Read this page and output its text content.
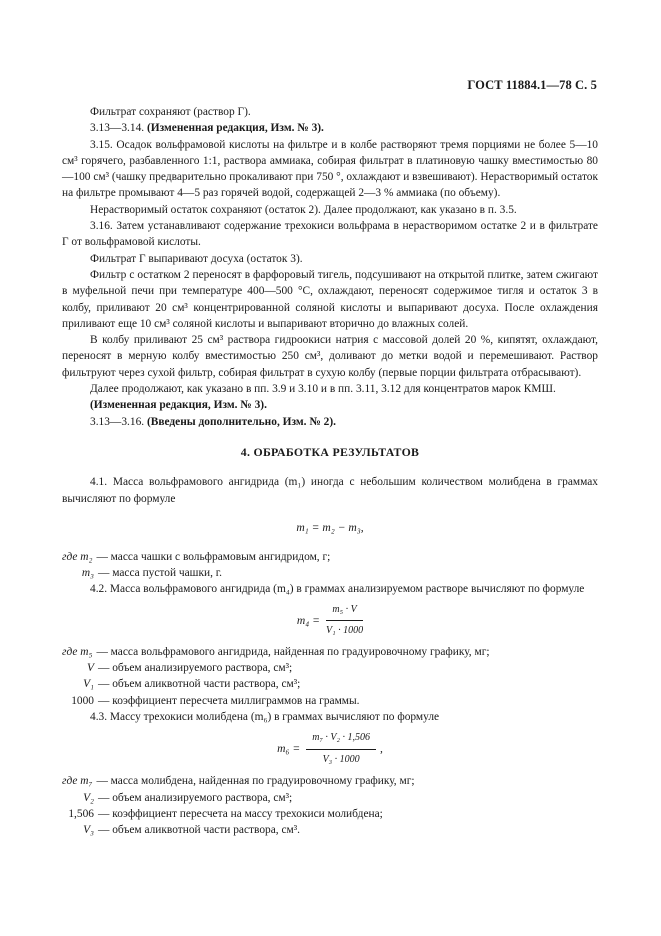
ГОСТ 11884.1—78 С. 5

Фильтрат сохраняют (раствор Г).

3.13—3.14. (Измененная редакция, Изм. № 3).

3.15. Осадок вольфрамовой кислоты на фильтре и в колбе растворяют тремя порциями не более 5—10 см³ горячего, разбавленного 1:1, раствора аммиака, собирая фильтрат в платиновую чашку вместимостью 80—100 см³ (чашку предварительно прокаливают при 750 °, охлаждают и взвешивают). Нерастворимый остаток на фильтре промывают 4—5 раз горячей водой, содержащей 2—3 % аммиака (по объему).

Нерастворимый остаток сохраняют (остаток 2). Далее продолжают, как указано в п. 3.5.

3.16. Затем устанавливают содержание трехокиси вольфрама в нерастворимом остатке 2 и в фильтрате Г от вольфрамовой кислоты.

Фильтрат Г выпаривают досуха (остаток 3).

Фильтр с остатком 2 переносят в фарфоровый тигель, подсушивают на открытой плитке, затем сжигают в муфельной печи при температуре 400—500 °С, охлаждают, переносят содержимое тигля и остаток 3 в колбу, приливают 20 см³ концентрированной соляной кислоты и выпаривают досуха. После охлаждения приливают еще 10 см³ соляной кислоты и выпаривают вторично до влажных солей.

В колбу приливают 25 см³ раствора гидроокиси натрия с массовой долей 20 %, кипятят, охлаждают, переносят в мерную колбу вместимостью 250 см³, доливают до метки водой и перемешивают. Раствор фильтруют через сухой фильтр, собирая фильтрат в сухую колбу (первые порции фильтрата отбрасывают).

Далее продолжают, как указано в пп. 3.9 и 3.10 и в пп. 3.11, 3.12 для концентратов марок КМШ.

(Измененная редакция, Изм. № 3).

3.13—3.16. (Введены дополнительно, Изм. № 2).

4. ОБРАБОТКА РЕЗУЛЬТАТОВ

4.1. Масса вольфрамового ангидрида (m₁) иногда с небольшим количеством молибдена в граммах вычисляют по формуле

m₁ = m₂ − m₃,
где m₂ — масса чашки с вольфрамовым ангидридом, г;
m₃ — масса пустой чашки, г.

4.2. Масса вольфрамового ангидрида (m₄) в граммах анализируемом растворе вычисляют по формуле

$m_4 = \frac{\text{m₅ · V}}{\text{V₁ · 1000}}$
где m₅ — масса вольфрамового ангидрида, найденная по градуировочному графику, мг;
V — объем анализируемого раствора, см³;
V₁ — объем аликвотной части раствора, см³;
1000 — коэффициент пересчета миллиграммов на граммы.

4.3. Массу трехокиси молибдена (m₆) в граммах вычисляют по формуле

$m_6 = \frac{\text{m₇ · V₂ · 1,506}}{\text{V₃ · 1000}}$ ,
где m₇ — масса молибдена, найденная по градуировочному графику, мг;
V₂ — объем анализируемого раствора, см³;
1,506 — коэффициент пересчета на массу трехокиси молибдена;
V₃ — объем аликвотной части раствора, см³.
